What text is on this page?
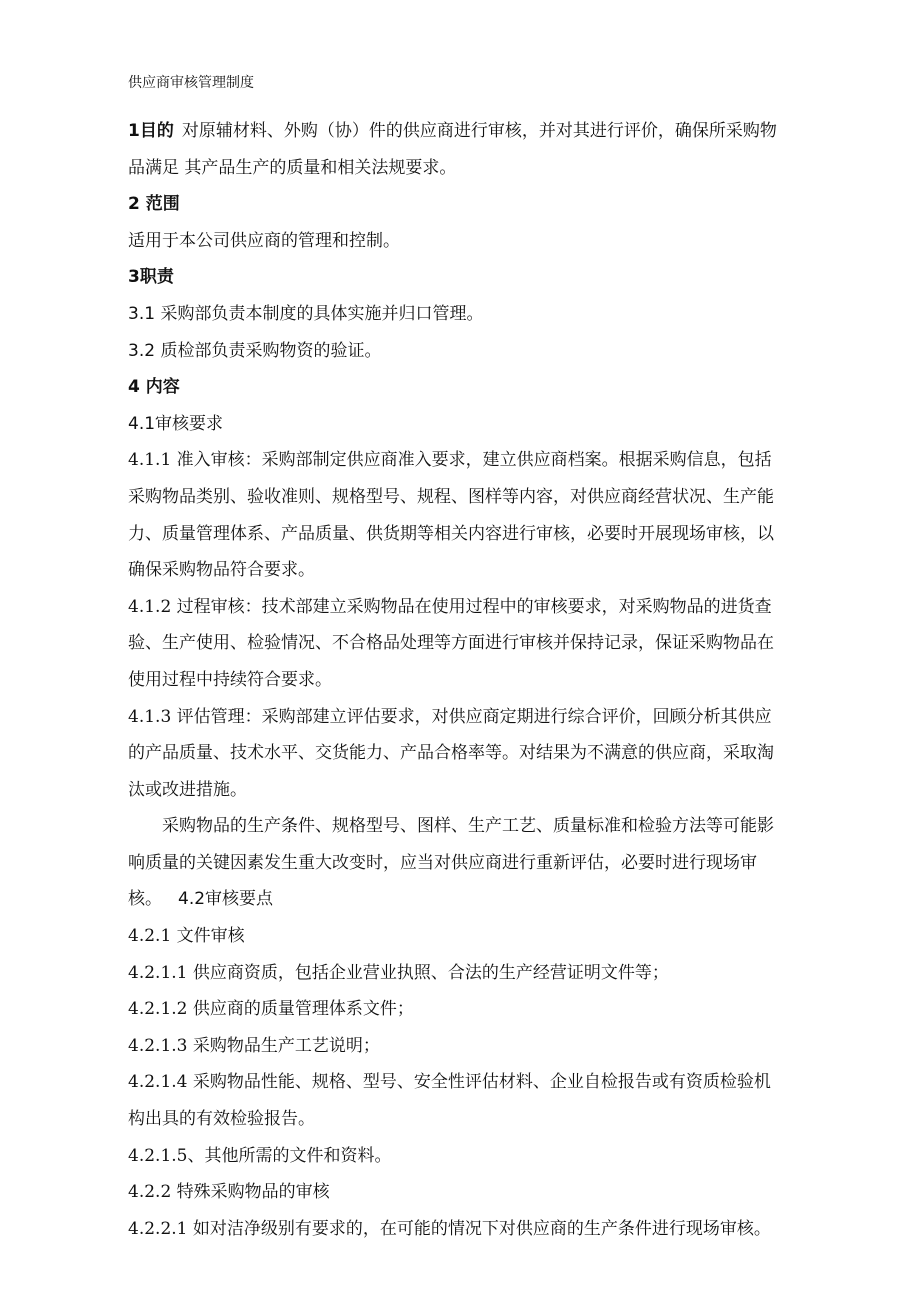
供应商审核管理制度

1目的 对原辅材料、外购（协）件的供应商进行审核，并对其进行评价，确保所采购物

品满足 其产品生产的质量和相关法规要求。

2 范围

适用于本公司供应商的管理和控制。

3职责

3.1 采购部负责本制度的具体实施并归口管理。

3.2 质检部负责采购物资的验证。

4 内容

4.1审核要求

4.1.1 准入审核：采购部制定供应商准入要求，建立供应商档案。根据采购信息，包括

采购物品类别、验收准则、规格型号、规程、图样等内容，对供应商经营状况、生产能

力、质量管理体系、产品质量、供货期等相关内容进行审核，必要时开展现场审核，以

确保采购物品符合要求。

4.1.2 过程审核：技术部建立采购物品在使用过程中的审核要求，对采购物品的进货查

验、生产使用、检验情况、不合格品处理等方面进行审核并保持记录，保证采购物品在

使用过程中持续符合要求。

4.1.3 评估管理：采购部建立评估要求，对供应商定期进行综合评价，回顾分析其供应

的产品质量、技术水平、交货能力、产品合格率等。对结果为不满意的供应商，采取淘

汰或改进措施。

采购物品的生产条件、规格型号、图样、生产工艺、质量标准和检验方法等可能影

响质量的关键因素发生重大改变时，应当对供应商进行重新评估，必要时进行现场审

核。 4.2审核要点

4.2.1 文件审核

4.2.1.1 供应商资质，包括企业营业执照、合法的生产经营证明文件等；

4.2.1.2 供应商的质量管理体系文件；

4.2.1.3 采购物品生产工艺说明；

4.2.1.4 采购物品性能、规格、型号、安全性评估材料、企业自检报告或有资质检验机

构出具的有效检验报告。

4.2.1.5、其他所需的文件和资料。

4.2.2 特殊采购物品的审核

4.2.2.1 如对洁净级别有要求的，在可能的情况下对供应商的生产条件进行现场审核。
